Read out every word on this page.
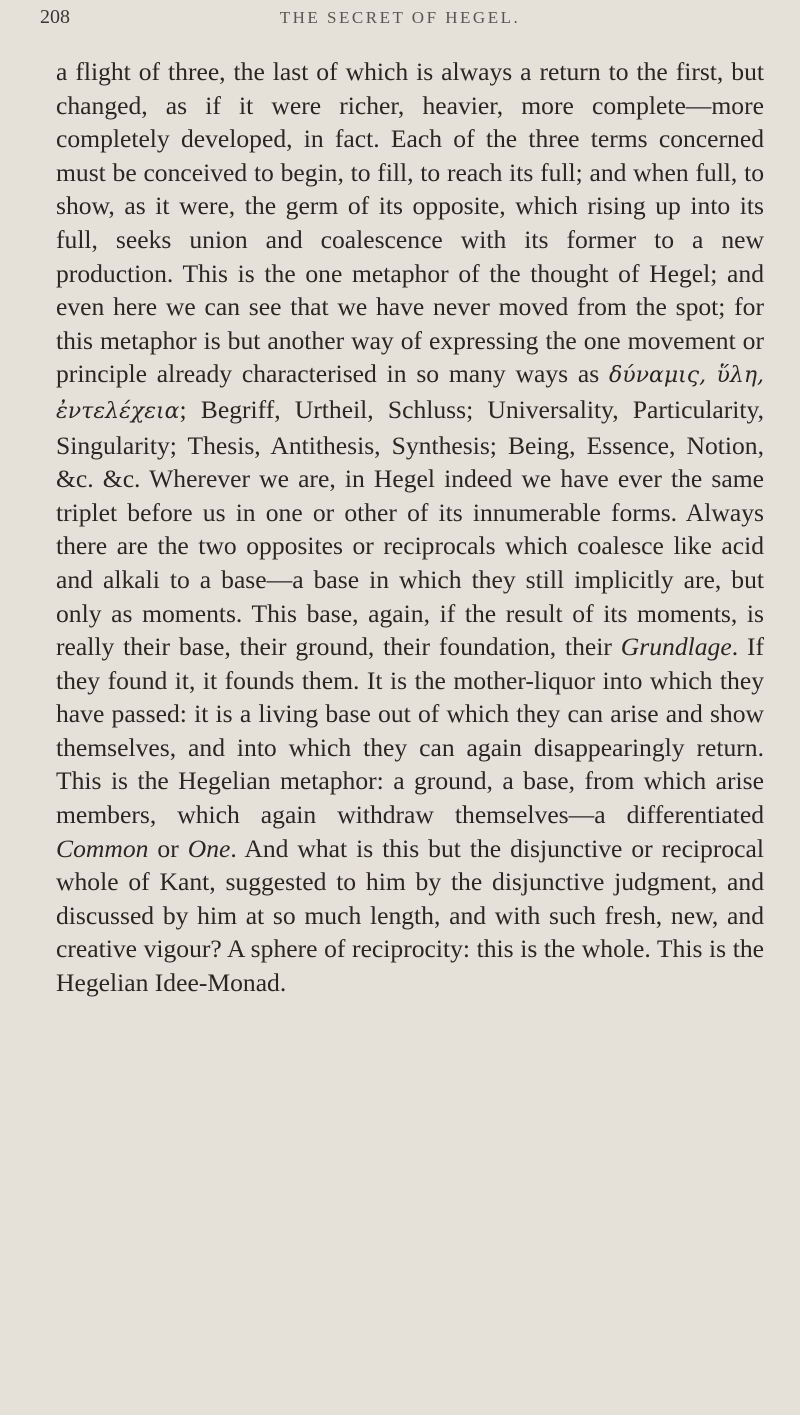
208	THE SECRET OF HEGEL.

a flight of three, the last of which is always a return to the first, but changed, as if it were richer, heavier, more complete—more completely developed, in fact. Each of the three terms concerned must be conceived to begin, to fill, to reach its full; and when full, to show, as it were, the germ of its opposite, which rising up into its full, seeks union and coalescence with its former to a new production. This is the one metaphor of the thought of Hegel; and even here we can see that we have never moved from the spot; for this metaphor is but another way of expressing the one movement or principle already characterised in so many ways as δύναμις, ὕλη, ἐντελέχεια; Begriff, Urtheil, Schluss; Universality, Particularity, Singularity; Thesis, Antithesis, Synthesis; Being, Essence, Notion, &c. &c. Wherever we are, in Hegel indeed we have ever the same triplet before us in one or other of its innumerable forms. Always there are the two opposites or reciprocals which coalesce like acid and alkali to a base—a base in which they still implicitly are, but only as moments. This base, again, if the result of its moments, is really their base, their ground, their foundation, their Grundlage. If they found it, it founds them. It is the mother-liquor into which they have passed: it is a living base out of which they can arise and show themselves, and into which they can again disappearingly return. This is the Hegelian metaphor: a ground, a base, from which arise members, which again withdraw themselves—a differentiated Common or One. And what is this but the disjunctive or reciprocal whole of Kant, suggested to him by the disjunctive judgment, and discussed by him at so much length, and with such fresh, new, and creative vigour? A sphere of reciprocity: this is the whole. This is the Hegelian Idee-Monad.
